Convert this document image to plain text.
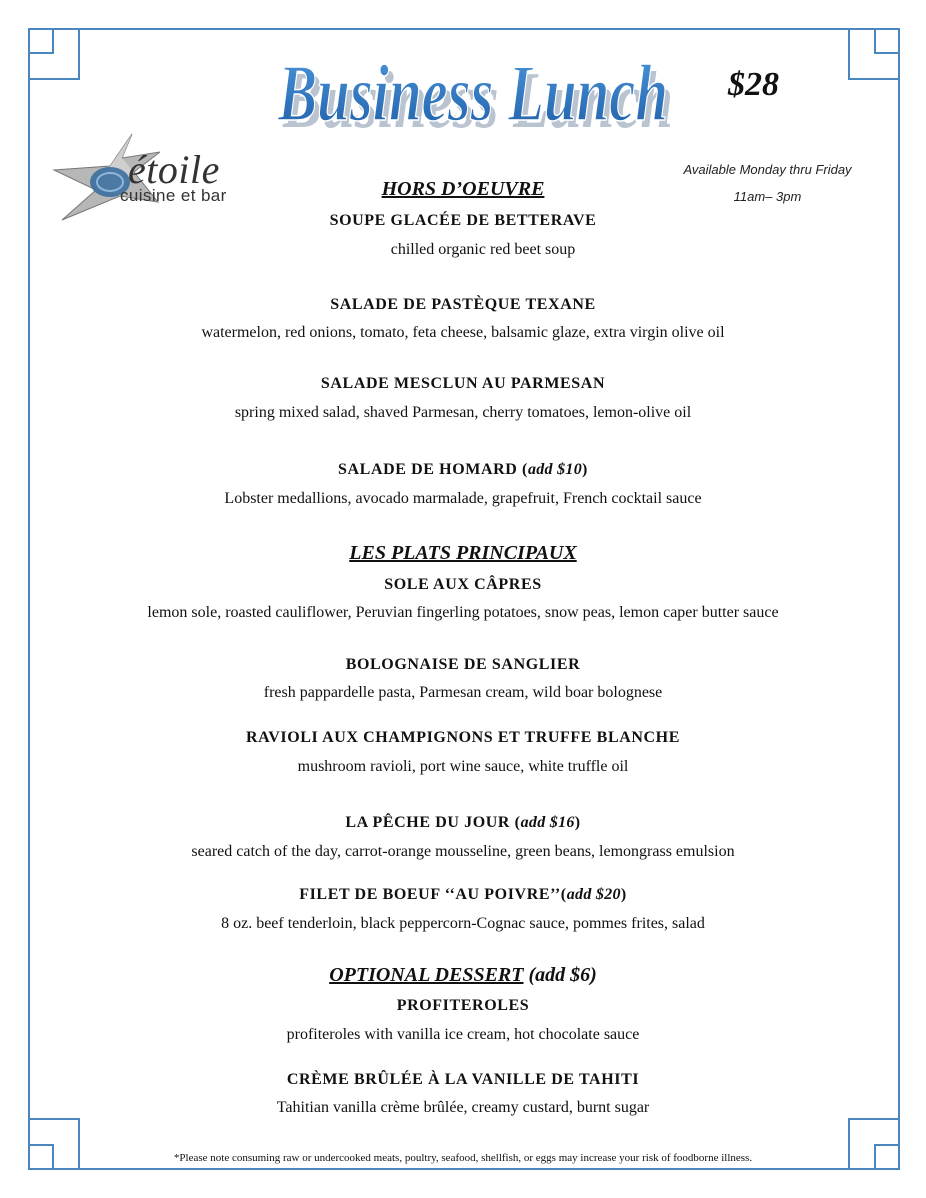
Business Lunch
Business Lunch $28
étoile
cuisine et bar
Available Monday thru Friday
11am– 3pm
HORS D’OEUVRE
SOUPE GLACÉE DE BETTERAVE
chilled organic red beet soup
SALADE DE PASTÈQUE TEXANE
watermelon, red onions, tomato, feta cheese, balsamic glaze, extra virgin olive oil
SALADE MESCLUN AU PARMESAN
spring mixed salad, shaved Parmesan, cherry tomatoes, lemon-olive oil
SALADE DE HOMARD (add $10)
Lobster medallions, avocado marmalade, grapefruit, French cocktail sauce
LES PLATS PRINCIPAUX
SOLE AUX CÂPRES
lemon sole, roasted cauliflower, Peruvian fingerling potatoes, snow peas, lemon caper butter sauce
BOLOGNAISE DE SANGLIER
fresh pappardelle pasta, Parmesan cream, wild boar bolognese
RAVIOLI AUX CHAMPIGNONS ET TRUFFE BLANCHE
mushroom ravioli, port wine sauce, white truffle oil
LA PÊCHE DU JOUR (add $16)
seared catch of the day, carrot-orange mousseline, green beans, lemongrass emulsion
FILET DE BOEUF ‘‘AU POIVRE’’(add $20)
8 oz. beef tenderloin, black peppercorn-Cognac sauce, pommes frites, salad
OPTIONAL DESSERT (add $6)
PROFITEROLES
profiteroles with vanilla ice cream, hot chocolate sauce
CRÈME BRÛLÉE À LA VANILLE DE TAHITI
Tahitian vanilla crème brûlée, creamy custard, burnt sugar
*Please note consuming raw or undercooked meats, poultry, seafood, shellfish, or eggs may increase your risk of foodborne illness.
